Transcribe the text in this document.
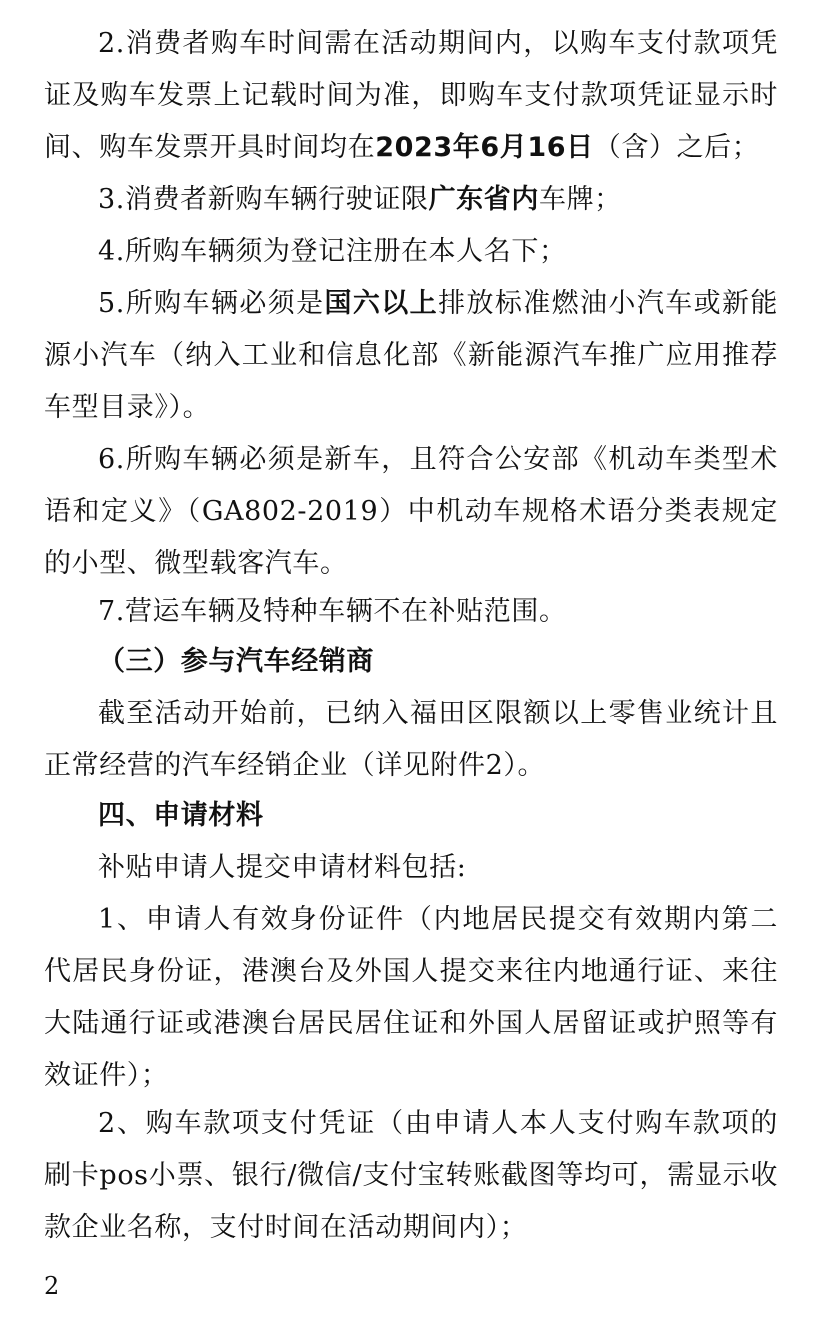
2.消费者购车时间需在活动期间内，以购车支付款项凭证及购车发票上记载时间为准，即购车支付款项凭证显示时间、购车发票开具时间均在2023年6月16日（含）之后；
3.消费者新购车辆行驶证限广东省内车牌；
4.所购车辆须为登记注册在本人名下；
5.所购车辆必须是国六以上排放标准燃油小汽车或新能源小汽车（纳入工业和信息化部《新能源汽车推广应用推荐车型目录》）。
6.所购车辆必须是新车，且符合公安部《机动车类型术语和定义》（GA802-2019）中机动车规格术语分类表规定的小型、微型载客汽车。
7.营运车辆及特种车辆不在补贴范围。
（三）参与汽车经销商
截至活动开始前，已纳入福田区限额以上零售业统计且正常经营的汽车经销企业（详见附件2）。
四、申请材料
补贴申请人提交申请材料包括:
1、申请人有效身份证件（内地居民提交有效期内第二代居民身份证，港澳台及外国人提交来往内地通行证、来往大陆通行证或港澳台居民居住证和外国人居留证或护照等有效证件）；
2、购车款项支付凭证（由申请人本人支付购车款项的刷卡pos小票、银行/微信/支付宝转账截图等均可，需显示收款企业名称，支付时间在活动期间内）；
2
